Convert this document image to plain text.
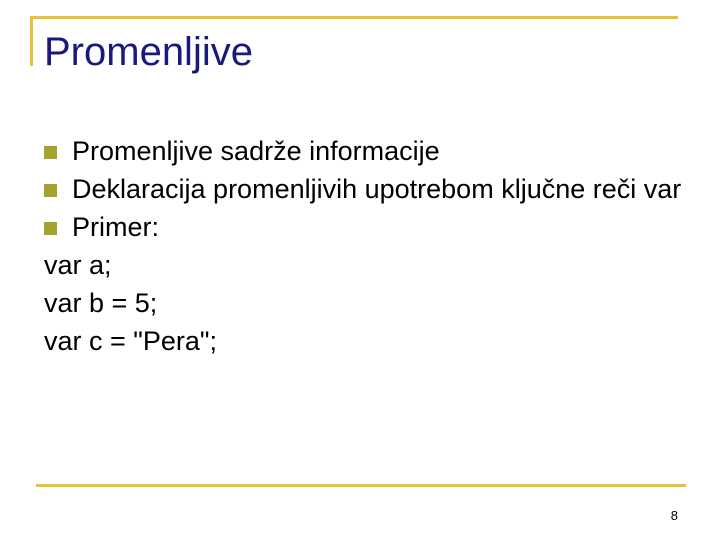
Promenljive
Promenljive sadrže informacije
Deklaracija promenljivih upotrebom ključne reči var
Primer:
var a;
var b = 5;
var c = "Pera";
8
